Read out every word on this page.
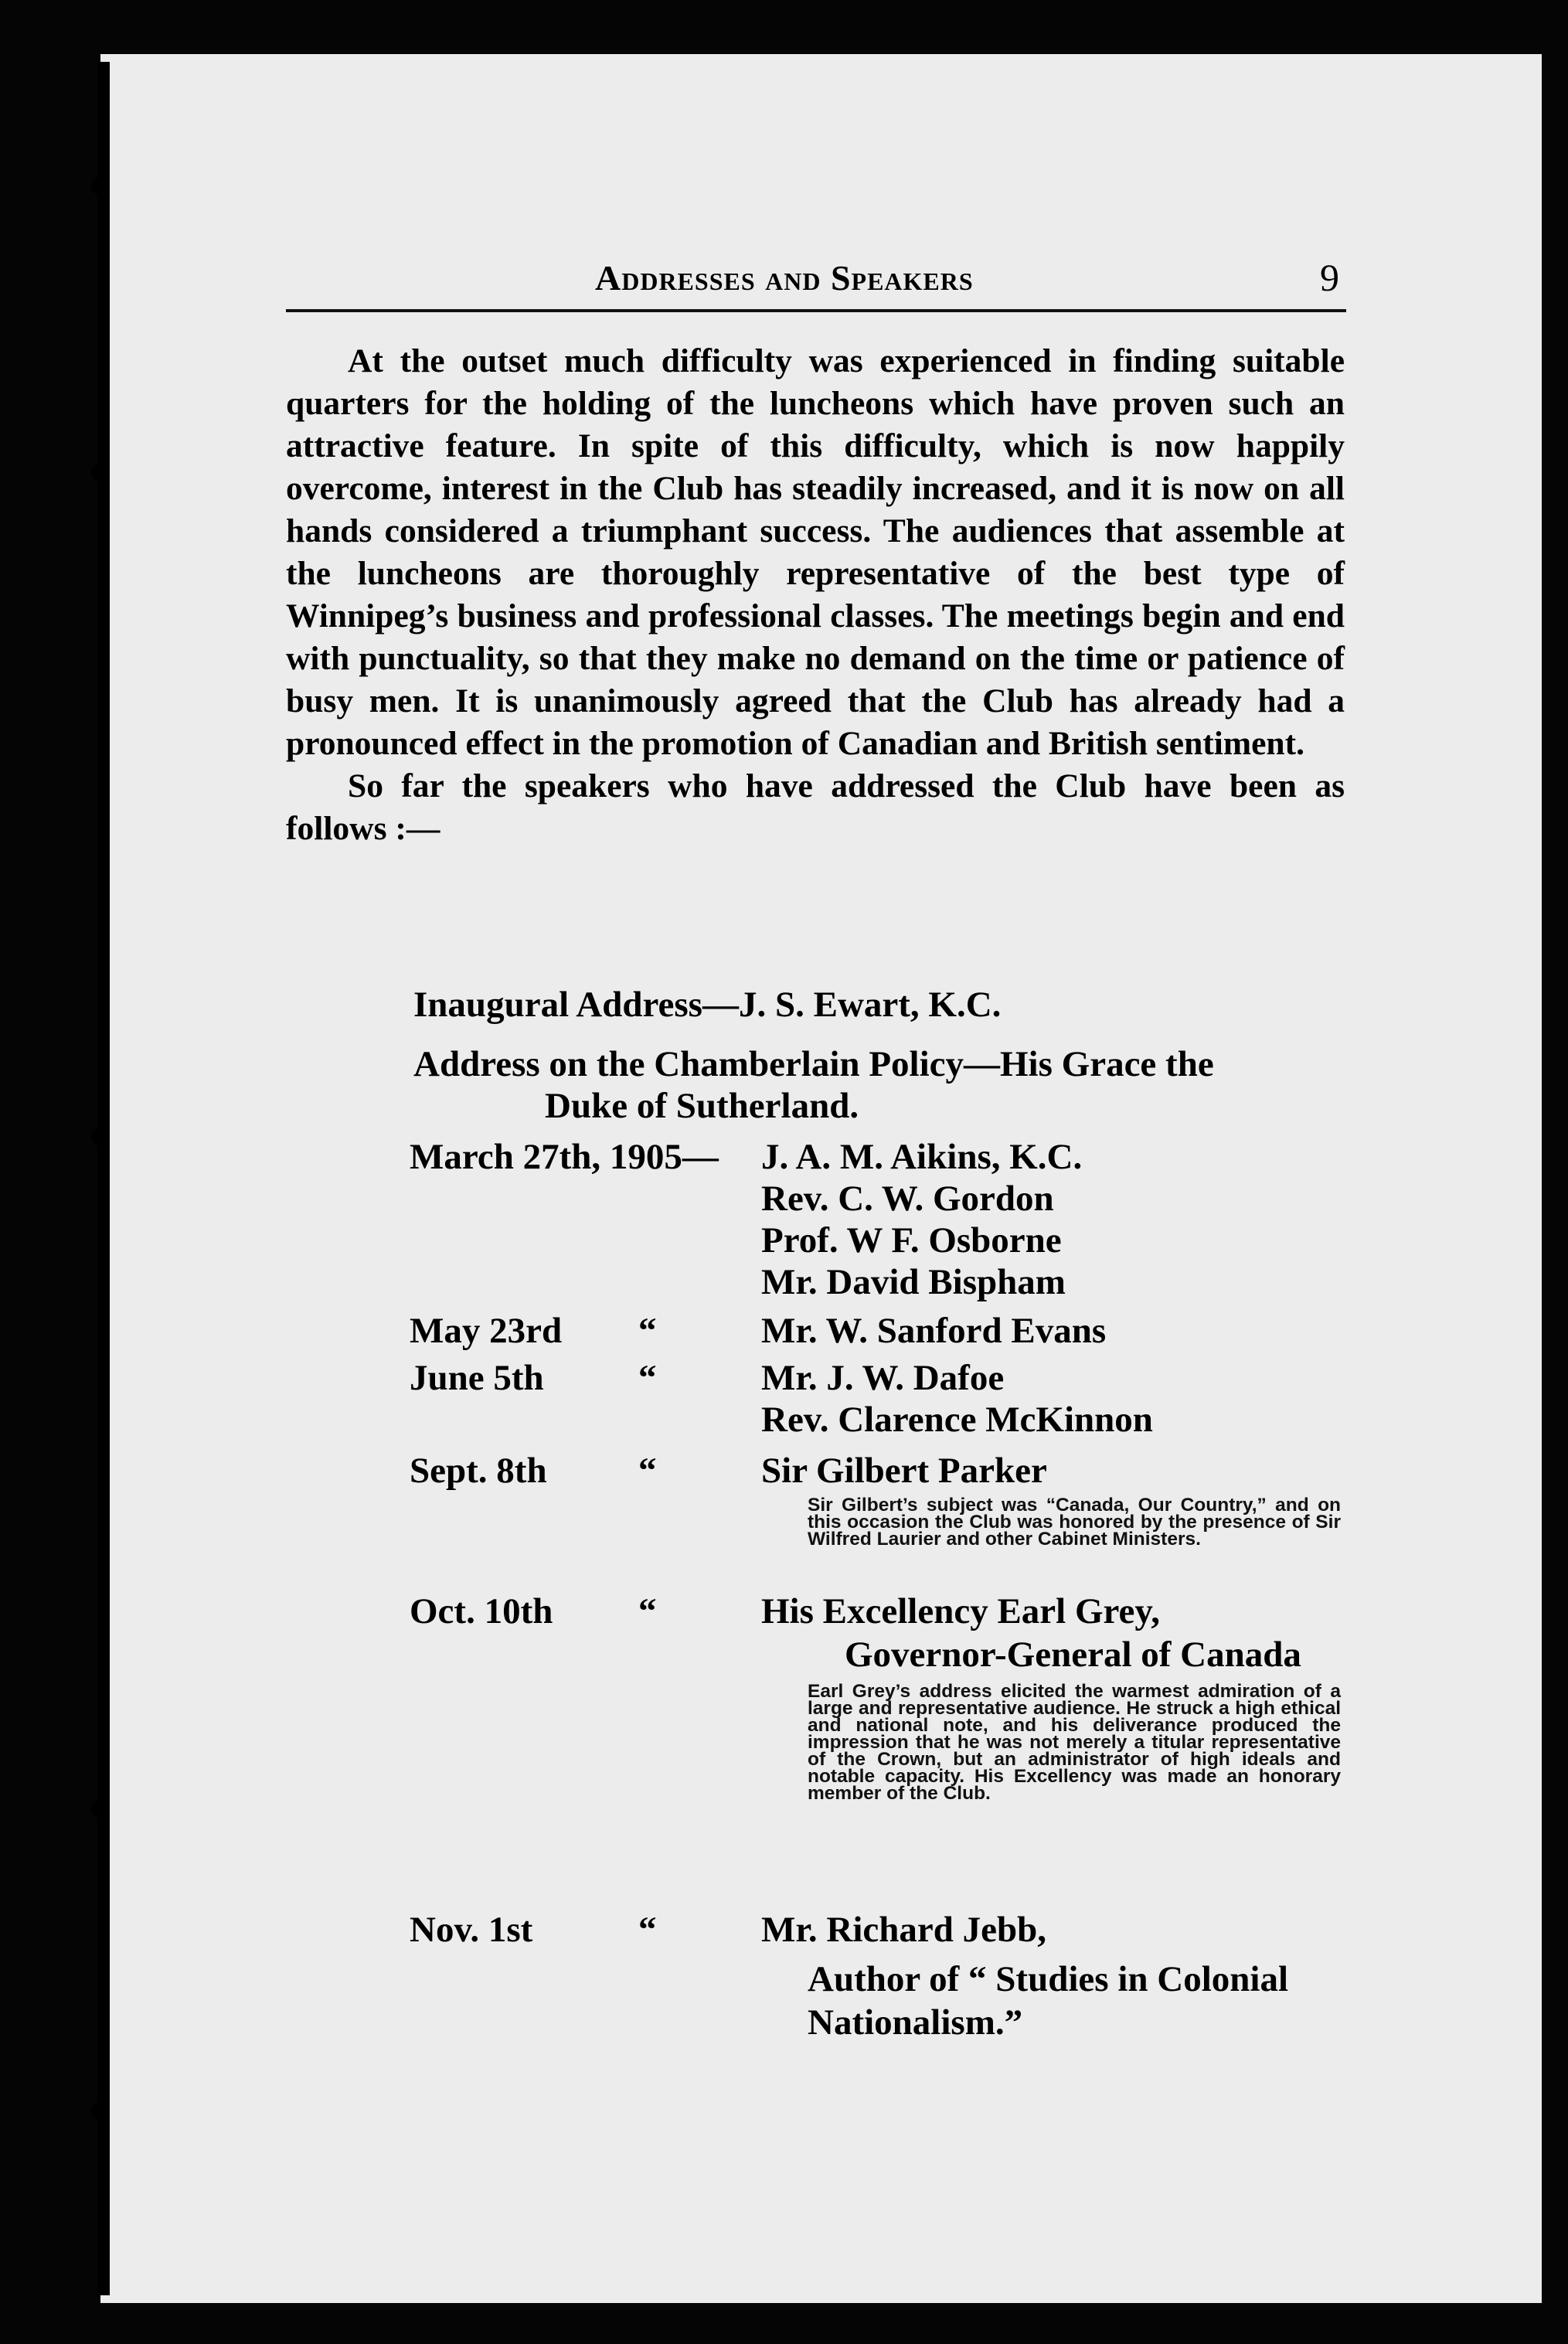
Addresses and Speakers	9

At the outset much difficulty was experienced in finding suitable quarters for the holding of the luncheons which have proven such an attractive feature. In spite of this difficulty, which is now happily overcome, interest in the Club has steadily increased, and it is now on all hands considered a triumphant success. The audiences that assemble at the luncheons are thoroughly representative of the best type of Winnipeg’s business and professional classes. The meetings begin and end with punctuality, so that they make no demand on the time or patience of busy men. It is unanimously agreed that the Club has already had a pronounced effect in the promotion of Canadian and British sentiment.

So far the speakers who have addressed the Club have been as follows :—

Inaugural Address—J. S. Ewart, K.C.
Address on the Chamberlain Policy—His Grace the
Duke of Sutherland.
March 27th, 1905— J. A. M. Aikins, K.C.
Rev. C. W. Gordon
Prof. W F. Osborne
Mr. David Bispham
May 23rd “	Mr. W. Sanford Evans
June 5th	“	Mr. J. W. Dafoe
Rev. Clarence McKinnon
Sept. 8th	“	Sir Gilbert Parker

Sir Gilbert’s subject was “Canada, Our Country,” and on this occasion the Club was honored by the presence of Sir Wilfred Laurier and other Cabinet Ministers.

Oct. 10th “	His Excellency Earl Grey,
Governor-General of Canada

Earl Grey’s address elicited the warmest admiration of a large and representative audience. He struck a high ethical and national note, and his deliverance produced the impression that he was not merely a titular representative of the Crown, but an administrator of high ideals and notable capacity. His Excellency was made an honorary member of the Club.

Nov. 1st	“	Mr. Richard Jebb,
Author of “ Studies in Colonial
Nationalism.”
